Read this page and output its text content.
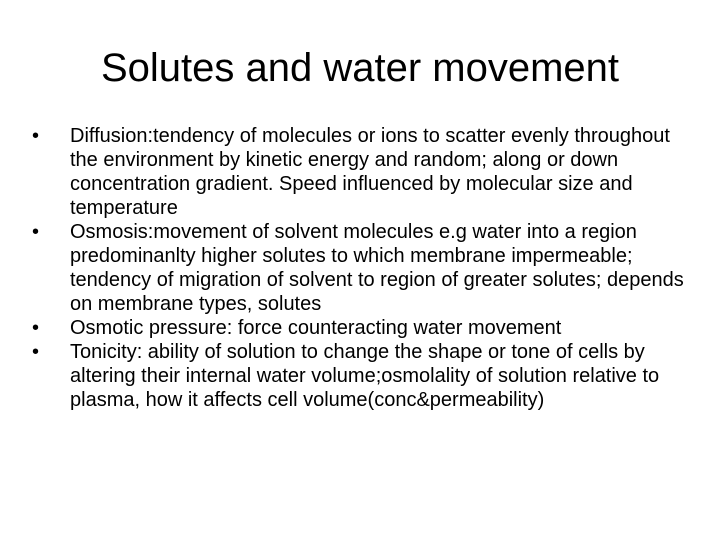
Solutes and water movement
•	Diffusion:tendency of molecules or ions to scatter evenly throughout the environment by kinetic energy and random; along or down concentration gradient. Speed influenced by molecular size and temperature
•	Osmosis:movement of solvent molecules e.g water into a region predominanlty higher solutes to which membrane impermeable; tendency of migration of solvent to region of greater solutes; depends on membrane types, solutes
•	Osmotic pressure: force counteracting water movement
•	Tonicity: ability of solution to change the shape or tone of cells by altering their internal water volume;osmolality of solution relative to plasma, how it affects cell volume(conc&permeability)
